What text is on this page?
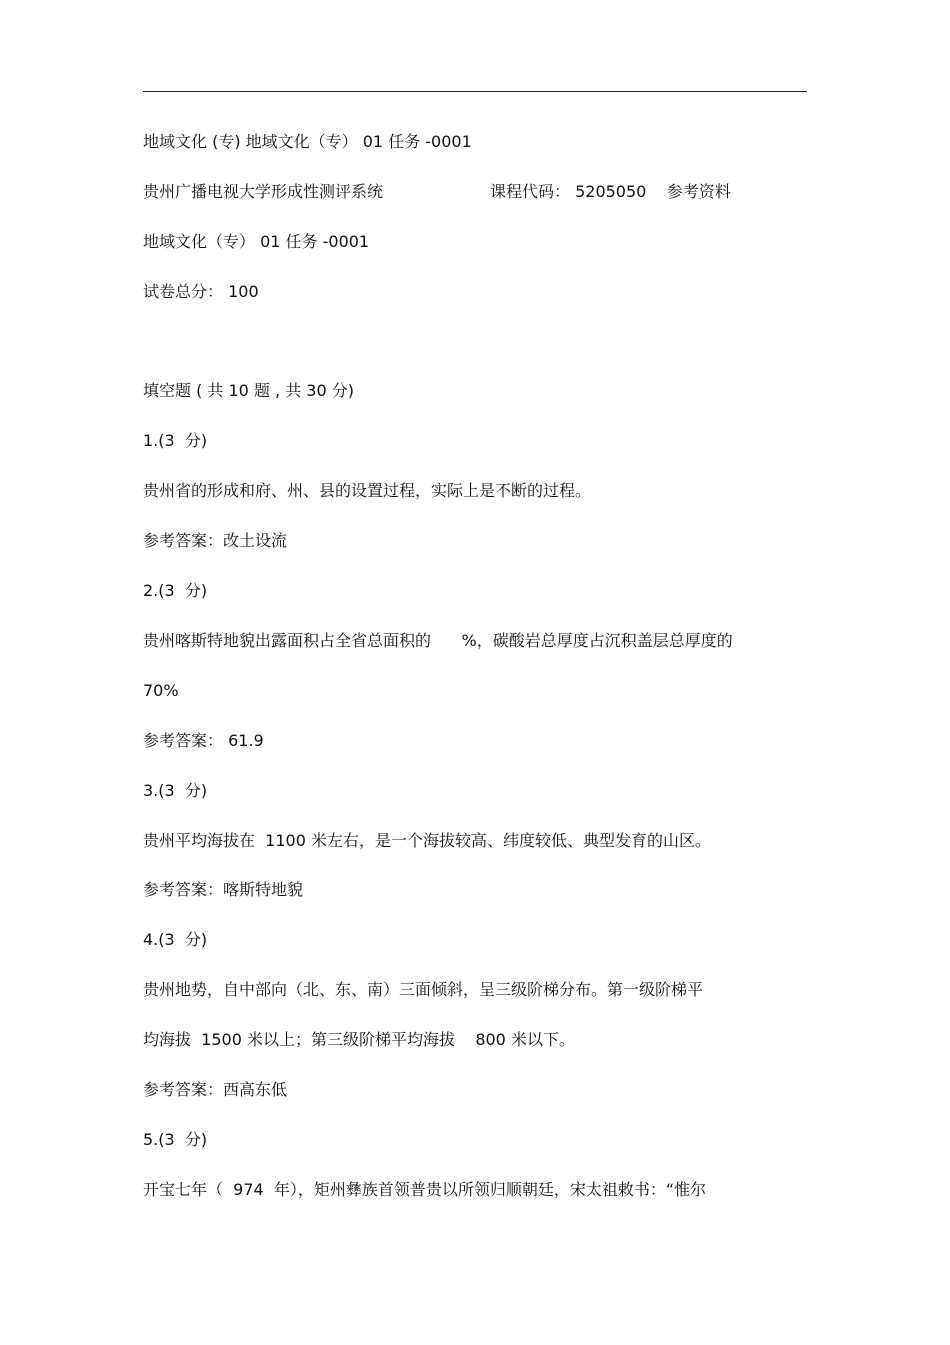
地域文化 (专) 地域文化（专） 01 任务 -0001
贵州广播电视大学形成性测评系统	课程代码： 5205050    参考资料
地域文化（专） 01 任务 -0001
试卷总分： 100
填空题 ( 共 10 题 , 共 30 分)
1.(3  分)
贵州省的形成和府、州、县的设置过程，实际上是不断的过程。
参考答案：改土设流
2.(3  分)
贵州喀斯特地貌出露面积占全省总面积的      %，碳酸岩总厚度占沉积盖层总厚度的
70%
参考答案： 61.9
3.(3  分)
贵州平均海拔在  1100 米左右，是一个海拔较高、纬度较低、典型发育的山区。
参考答案：喀斯特地貌
4.(3  分)
贵州地势，自中部向（北、东、南）三面倾斜，呈三级阶梯分布。第一级阶梯平
均海拔  1500 米以上；第三级阶梯平均海拔    800 米以下。
参考答案：西高东低
5.(3  分)
开宝七年（  974  年），矩州彝族首领普贵以所领归顺朝廷，宋太祖敕书：“惟尔
